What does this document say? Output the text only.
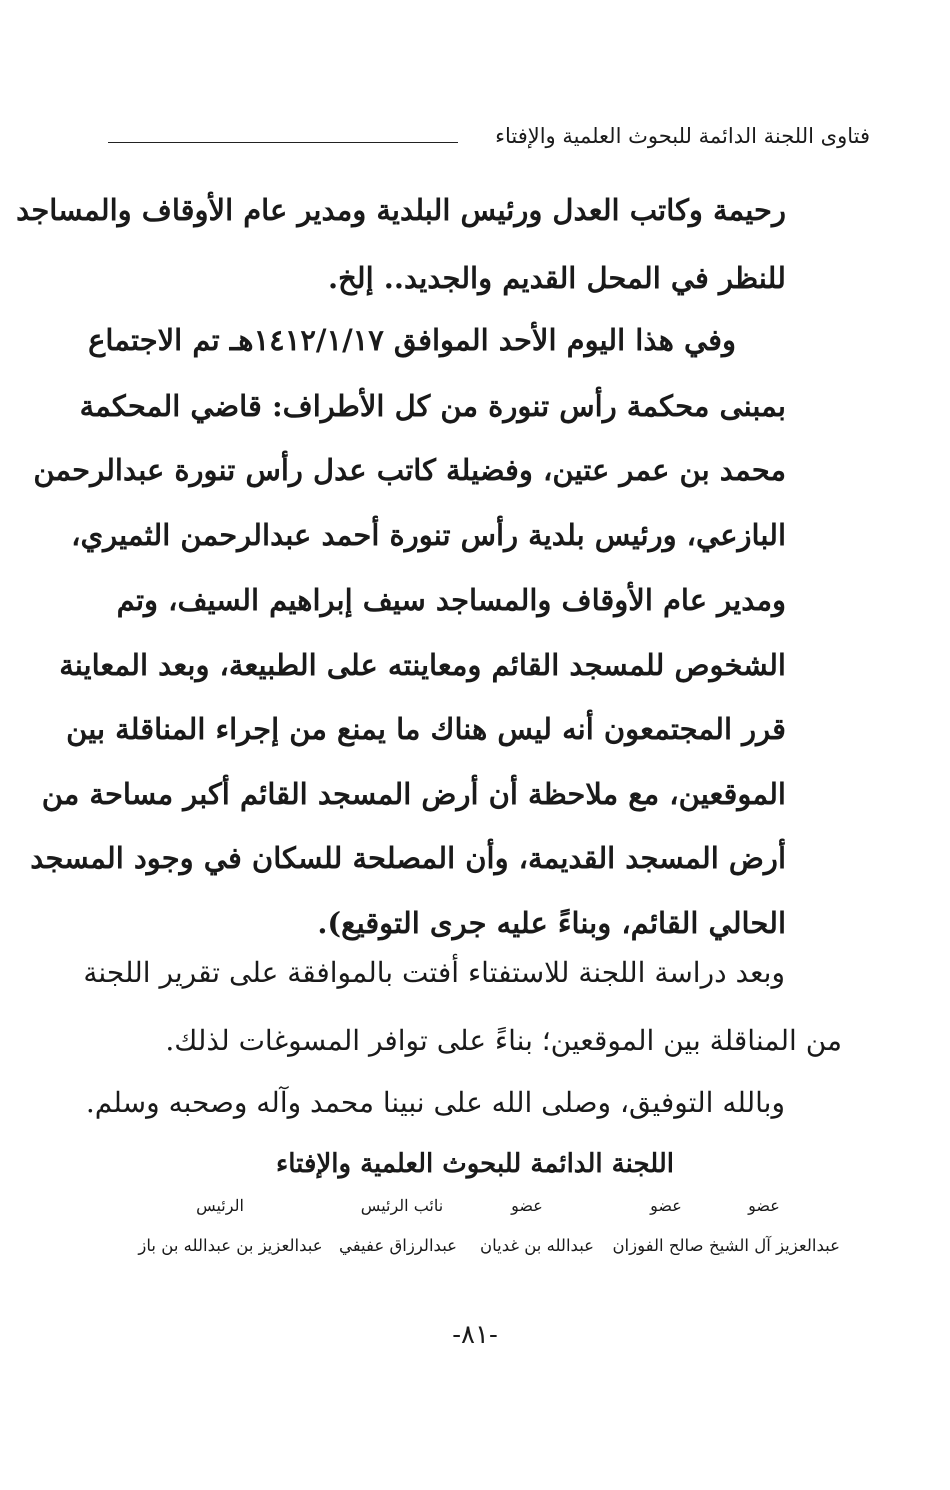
فتاوى اللجنة الدائمة للبحوث العلمية والإفتاء
رحيمة وكاتب العدل ورئيس البلدية ومدير عام الأوقاف والمساجد
للنظر في المحل القديم والجديد.. إلخ.
وفي هذا اليوم الأحد الموافق ١٤١٢/١/١٧هـ تم الاجتماع
بمبنى محكمة رأس تنورة من كل الأطراف: قاضي المحكمة
محمد بن عمر عتين، وفضيلة كاتب عدل رأس تنورة عبدالرحمن
البازعي، ورئيس بلدية رأس تنورة أحمد عبدالرحمن الثميري،
ومدير عام الأوقاف والمساجد سيف إبراهيم السيف، وتم
الشخوص للمسجد القائم ومعاينته على الطبيعة، وبعد المعاينة
قرر المجتمعون أنه ليس هناك ما يمنع من إجراء المناقلة بين
الموقعين، مع ملاحظة أن أرض المسجد القائم أكبر مساحة من
أرض المسجد القديمة، وأن المصلحة للسكان في وجود المسجد
الحالي القائم، وبناءً عليه جرى التوقيع).
وبعد دراسة اللجنة للاستفتاء أفتت بالموافقة على تقرير اللجنة
من المناقلة بين الموقعين؛ بناءً على توافر المسوغات لذلك.
وبالله التوفيق، وصلى الله على نبينا محمد وآله وصحبه وسلم.
اللجنة الدائمة للبحوث العلمية والإفتاء
عضو
عضو
عضو
نائب الرئيس
الرئيس
عبدالعزيز آل الشيخ
صالح الفوزان
عبدالله بن غديان
عبدالرزاق عفيفي
عبدالعزيز بن عبدالله بن باز
-٨١-
